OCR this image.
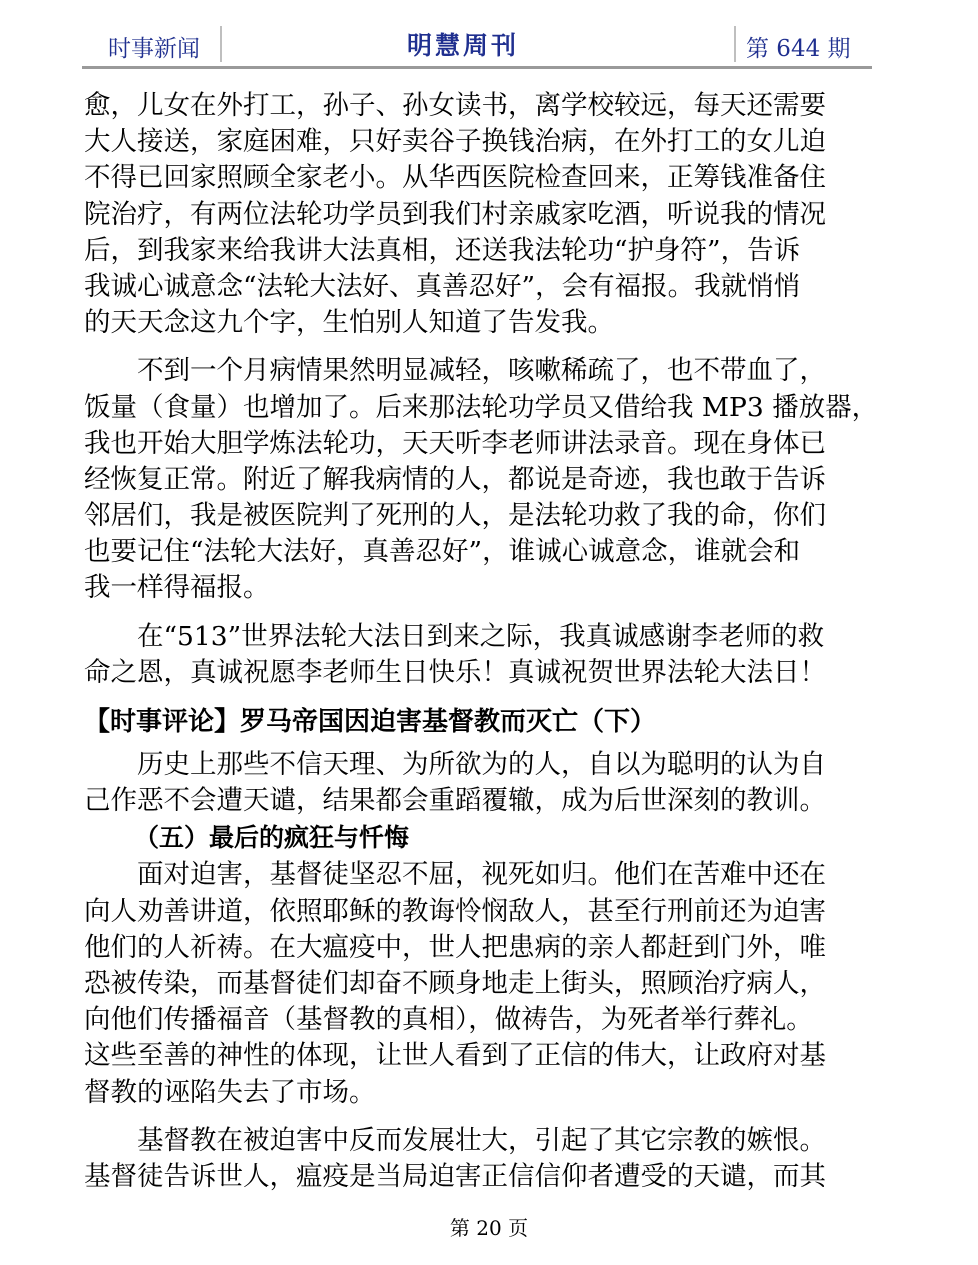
时事新闻	明慧周刊	第 644 期
愈，儿女在外打工，孙子、孙女读书，离学校较远，每天还需要
大人接送，家庭困难，只好卖谷子换钱治病，在外打工的女儿迫
不得已回家照顾全家老小。从华西医院检查回来，正筹钱准备住
院治疗，有两位法轮功学员到我们村亲戚家吃酒，听说我的情况
后，到我家来给我讲大法真相，还送我法轮功“护身符”，告诉
我诚心诚意念“法轮大法好、真善忍好”，会有福报。我就悄悄
的天天念这九个字，生怕别人知道了告发我。
　　不到一个月病情果然明显减轻，咳嗽稀疏了，也不带血了，
饭量（食量）也增加了。后来那法轮功学员又借给我 MP3 播放器，
我也开始大胆学炼法轮功，天天听李老师讲法录音。现在身体已
经恢复正常。附近了解我病情的人，都说是奇迹，我也敢于告诉
邻居们，我是被医院判了死刑的人，是法轮功救了我的命，你们
也要记住“法轮大法好，真善忍好”，谁诚心诚意念，谁就会和
我一样得福报。
　　在“513”世界法轮大法日到来之际，我真诚感谢李老师的救
命之恩，真诚祝愿李老师生日快乐！真诚祝贺世界法轮大法日！
【时事评论】罗马帝国因迫害基督教而灭亡（下）
　　历史上那些不信天理、为所欲为的人，自以为聪明的认为自
己作恶不会遭天谴，结果都会重蹈覆辙，成为后世深刻的教训。
（五）最后的疯狂与忏悔
　　面对迫害，基督徒坚忍不屈，视死如归。他们在苦难中还在
向人劝善讲道，依照耶稣的教诲怜悯敌人，甚至行刑前还为迫害
他们的人祈祷。在大瘟疫中，世人把患病的亲人都赶到门外，唯
恐被传染，而基督徒们却奋不顾身地走上街头，照顾治疗病人，
向他们传播福音（基督教的真相），做祷告，为死者举行葬礼。
这些至善的神性的体现，让世人看到了正信的伟大，让政府对基
督教的诬陷失去了市场。
　　基督教在被迫害中反而发展壮大，引起了其它宗教的嫉恨。
基督徒告诉世人，瘟疫是当局迫害正信信仰者遭受的天谴，而其
第 20 页
